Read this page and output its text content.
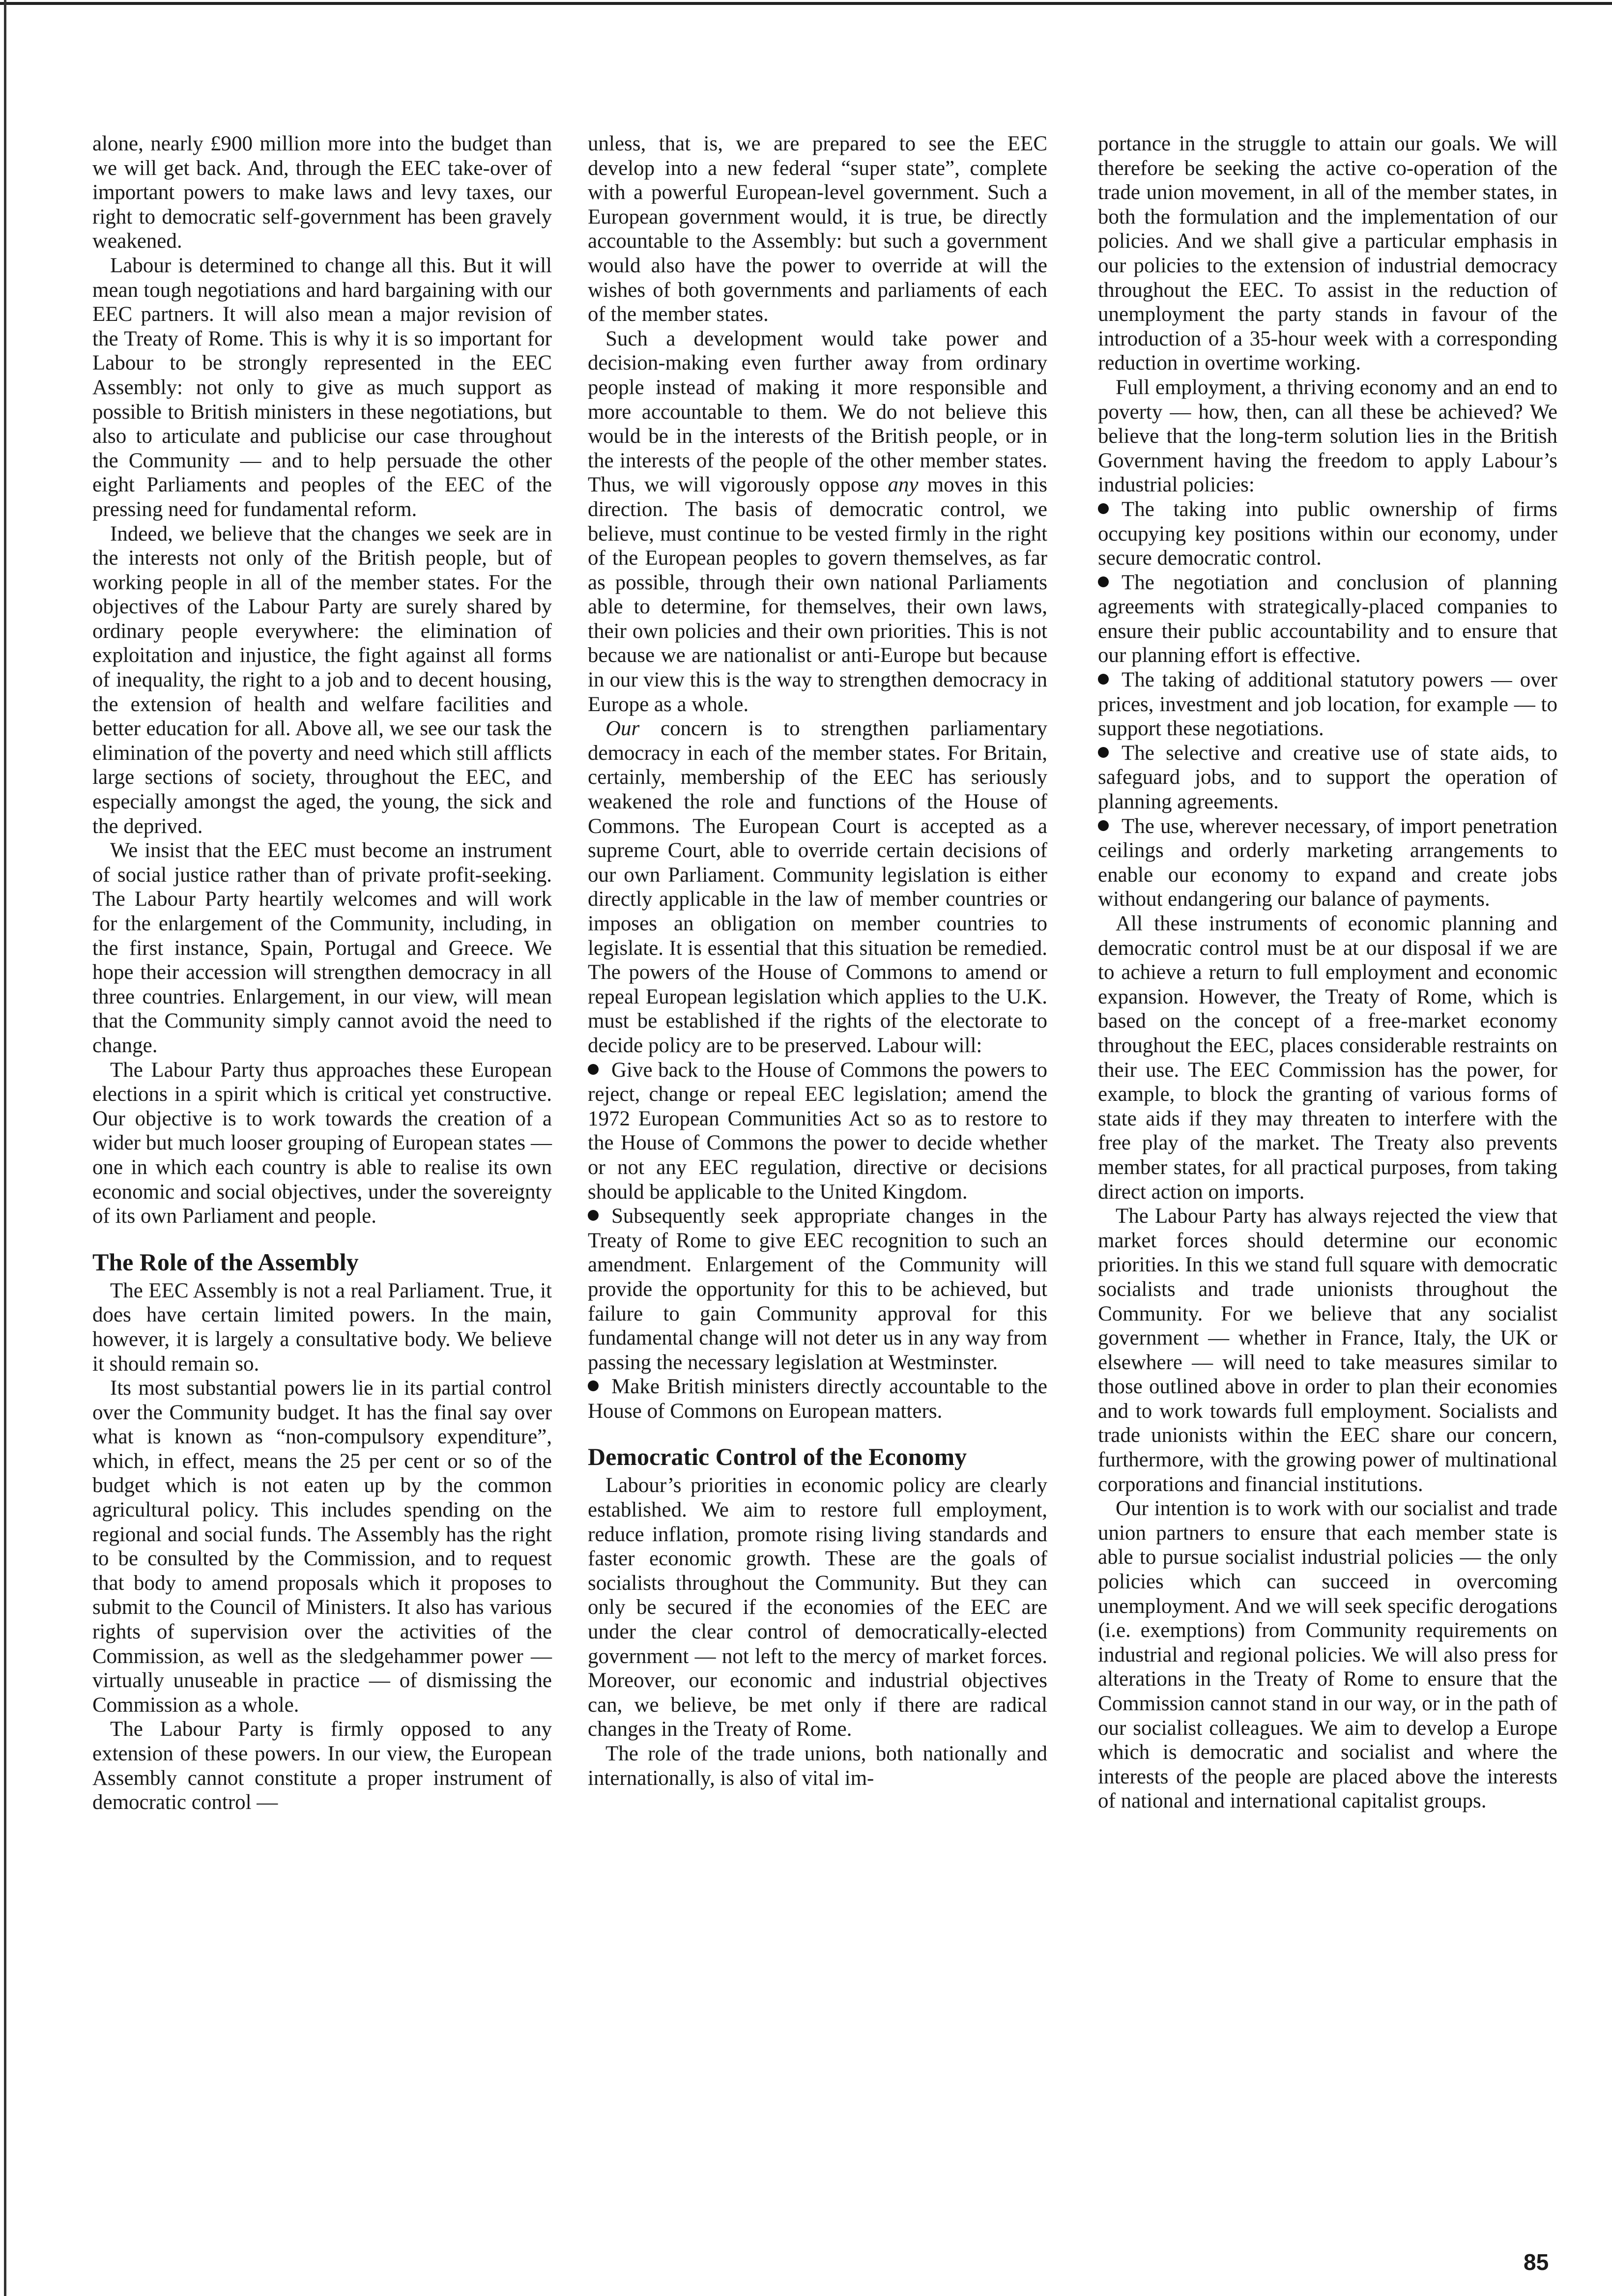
alone, nearly £900 million more into the budget than we will get back. And, through the EEC take-over of important powers to make laws and levy taxes, our right to democratic self-government has been gravely weakened.

Labour is determined to change all this. But it will mean tough negotiations and hard bargaining with our EEC partners. It will also mean a major revision of the Treaty of Rome. This is why it is so important for Labour to be strongly represented in the EEC Assembly: not only to give as much support as possible to British ministers in these negotiations, but also to articulate and publicise our case throughout the Community — and to help persuade the other eight Parliaments and peoples of the EEC of the pressing need for fundamental reform.

Indeed, we believe that the changes we seek are in the interests not only of the British people, but of working people in all of the member states. For the objectives of the Labour Party are surely shared by ordinary people everywhere: the elimination of exploitation and injustice, the fight against all forms of inequality, the right to a job and to decent housing, the extension of health and welfare facilities and better education for all. Above all, we see our task the elimination of the poverty and need which still afflicts large sections of society, throughout the EEC, and especially amongst the aged, the young, the sick and the deprived.

We insist that the EEC must become an instrument of social justice rather than of private profit-seeking. The Labour Party heartily welcomes and will work for the enlargement of the Community, including, in the first instance, Spain, Portugal and Greece. We hope their accession will strengthen democracy in all three countries. Enlargement, in our view, will mean that the Community simply cannot avoid the need to change.

The Labour Party thus approaches these European elections in a spirit which is critical yet constructive. Our objective is to work towards the creation of a wider but much looser grouping of European states — one in which each country is able to realise its own economic and social objectives, under the sovereignty of its own Parliament and people.

The Role of the Assembly

The EEC Assembly is not a real Parliament. True, it does have certain limited powers. In the main, however, it is largely a consultative body. We believe it should remain so.

Its most substantial powers lie in its partial control over the Community budget. It has the final say over what is known as “non-compulsory expenditure”, which, in effect, means the 25 per cent or so of the budget which is not eaten up by the common agricultural policy. This includes spending on the regional and social funds. The Assembly has the right to be consulted by the Commission, and to request that body to amend proposals which it proposes to submit to the Council of Ministers. It also has various rights of supervision over the activities of the Commission, as well as the sledgehammer power — virtually unuseable in practice — of dismissing the Commission as a whole.

The Labour Party is firmly opposed to any extension of these powers. In our view, the European Assembly cannot constitute a proper instrument of democratic control —

unless, that is, we are prepared to see the EEC develop into a new federal “super state”, complete with a powerful European-level government. Such a European government would, it is true, be directly accountable to the Assembly: but such a government would also have the power to override at will the wishes of both governments and parliaments of each of the member states.

Such a development would take power and decision-making even further away from ordinary people instead of making it more responsible and more accountable to them. We do not believe this would be in the interests of the British people, or in the interests of the people of the other member states. Thus, we will vigorously oppose any moves in this direction. The basis of democratic control, we believe, must continue to be vested firmly in the right of the European peoples to govern themselves, as far as possible, through their own national Parliaments able to determine, for themselves, their own laws, their own policies and their own priorities. This is not because we are nationalist or anti-Europe but because in our view this is the way to strengthen democracy in Europe as a whole.

Our concern is to strengthen parliamentary democracy in each of the member states. For Britain, certainly, membership of the EEC has seriously weakened the role and functions of the House of Commons. The European Court is accepted as a supreme Court, able to override certain decisions of our own Parliament. Community legislation is either directly applicable in the law of member countries or imposes an obligation on member countries to legislate. It is essential that this situation be remedied. The powers of the House of Commons to amend or repeal European legislation which applies to the U.K. must be established if the rights of the electorate to decide policy are to be preserved. Labour will:

Give back to the House of Commons the powers to reject, change or repeal EEC legislation; amend the 1972 European Communities Act so as to restore to the House of Commons the power to decide whether or not any EEC regulation, directive or decisions should be applicable to the United Kingdom.

Subsequently seek appropriate changes in the Treaty of Rome to give EEC recognition to such an amendment. Enlargement of the Community will provide the opportunity for this to be achieved, but failure to gain Community approval for this fundamental change will not deter us in any way from passing the necessary legislation at Westminster.

Make British ministers directly accountable to the House of Commons on European matters.

Democratic Control of the Economy

Labour’s priorities in economic policy are clearly established. We aim to restore full employment, reduce inflation, promote rising living standards and faster economic growth. These are the goals of socialists throughout the Community. But they can only be secured if the economies of the EEC are under the clear control of democratically-elected government — not left to the mercy of market forces. Moreover, our economic and industrial objectives can, we believe, be met only if there are radical changes in the Treaty of Rome.

The role of the trade unions, both nationally and internationally, is also of vital im-

portance in the struggle to attain our goals. We will therefore be seeking the active co-operation of the trade union movement, in all of the member states, in both the formulation and the implementation of our policies. And we shall give a particular emphasis in our policies to the extension of industrial democracy throughout the EEC. To assist in the reduction of unemployment the party stands in favour of the introduction of a 35-hour week with a corresponding reduction in overtime working.

Full employment, a thriving economy and an end to poverty — how, then, can all these be achieved? We believe that the long-term solution lies in the British Government having the freedom to apply Labour’s industrial policies:

The taking into public ownership of firms occupying key positions within our economy, under secure democratic control.

The negotiation and conclusion of planning agreements with strategically-placed companies to ensure their public accountability and to ensure that our planning effort is effective.

The taking of additional statutory powers — over prices, investment and job location, for example — to support these negotiations.

The selective and creative use of state aids, to safeguard jobs, and to support the operation of planning agreements.

The use, wherever necessary, of import penetration ceilings and orderly marketing arrangements to enable our economy to expand and create jobs without endangering our balance of payments.

All these instruments of economic planning and democratic control must be at our disposal if we are to achieve a return to full employment and economic expansion. However, the Treaty of Rome, which is based on the concept of a free-market economy throughout the EEC, places considerable restraints on their use. The EEC Commission has the power, for example, to block the granting of various forms of state aids if they may threaten to interfere with the free play of the market. The Treaty also prevents member states, for all practical purposes, from taking direct action on imports.

The Labour Party has always rejected the view that market forces should determine our economic priorities. In this we stand full square with democratic socialists and trade unionists throughout the Community. For we believe that any socialist government — whether in France, Italy, the UK or elsewhere — will need to take measures similar to those outlined above in order to plan their economies and to work towards full employment. Socialists and trade unionists within the EEC share our concern, furthermore, with the growing power of multinational corporations and financial institutions.

Our intention is to work with our socialist and trade union partners to ensure that each member state is able to pursue socialist industrial policies — the only policies which can succeed in overcoming unemployment. And we will seek specific derogations (i.e. exemptions) from Community requirements on industrial and regional policies. We will also press for alterations in the Treaty of Rome to ensure that the Commission cannot stand in our way, or in the path of our socialist colleagues. We aim to develop a Europe which is democratic and socialist and where the interests of the people are placed above the interests of national and international capitalist groups.

85
